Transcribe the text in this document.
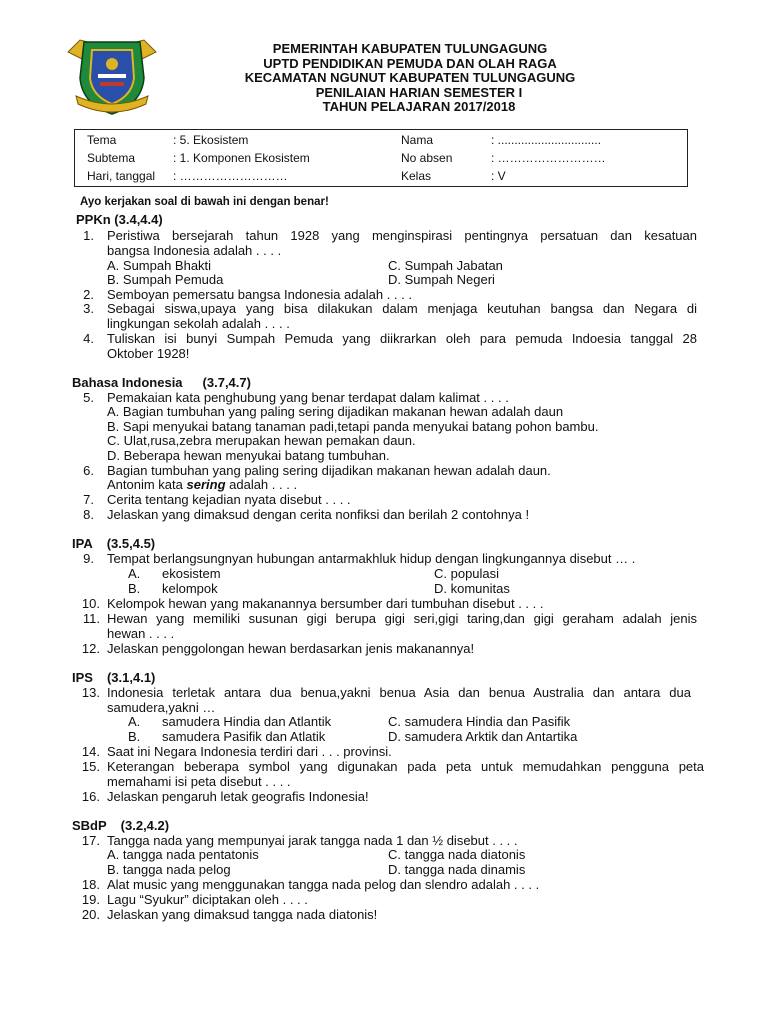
PEMERINTAH KABUPATEN TULUNGAGUNG
UPTD PENDIDIKAN PEMUDA DAN OLAH RAGA
KECAMATAN NGUNUT KABUPATEN TULUNGAGUNG
PENILAIAN HARIAN SEMESTER I
TAHUN PELAJARAN 2017/2018
Tema	: 5. Ekosistem	Nama	: ...............................
Subtema	: 1. Komponen Ekosistem	No absen	: ………………………
Hari, tanggal : ………………………	Kelas	: V
Ayo kerjakan soal di bawah ini dengan benar!
PPKn (3.4,4.4)
1. Peristiwa bersejarah tahun 1928 yang menginspirasi pentingnya persatuan dan kesatuan
bangsa Indonesia adalah . . . .
A. Sumpah Bhakti	C. Sumpah Jabatan
B. Sumpah Pemuda	D. Sumpah Negeri
2. Semboyan pemersatu bangsa Indonesia adalah . . . .
3. Sebagai siswa,upaya yang bisa dilakukan dalam menjaga keutuhan bangsa dan Negara di
lingkungan sekolah adalah . . . .
4. Tuliskan isi bunyi Sumpah Pemuda yang diikrarkan oleh para pemuda Indoesia tanggal 28
Oktober 1928!
Bahasa Indonesia (3.7,4.7)
5. Pemakaian kata penghubung yang benar terdapat dalam kalimat . . . .
A. Bagian tumbuhan yang paling sering dijadikan makanan hewan adalah daun
B. Sapi menyukai batang tanaman padi,tetapi panda menyukai batang pohon bambu.
C. Ulat,rusa,zebra merupakan hewan pemakan daun.
D. Beberapa hewan menyukai batang tumbuhan.
6. Bagian tumbuhan yang paling sering dijadikan makanan hewan adalah daun.
Antonim kata sering adalah . . . .
7. Cerita tentang kejadian nyata disebut . . . .
8. Jelaskan yang dimaksud dengan cerita nonfiksi dan berilah 2 contohnya !
IPA (3.5,4.5)
9. Tempat berlangsungnyan hubungan antarmakhluk hidup dengan lingkungannya disebut … .
A. ekosistem	C. populasi
B. kelompok	D. komunitas
10. Kelompok hewan yang makanannya bersumber dari tumbuhan disebut . . . .
11. Hewan yang memiliki susunan gigi berupa gigi seri,gigi taring,dan gigi geraham adalah jenis
hewan . . . .
12. Jelaskan penggolongan hewan berdasarkan jenis makanannya!
IPS (3.1,4.1)
13. Indonesia terletak antara dua benua,yakni benua Asia dan benua Australia dan antara dua
samudera,yakni …
A. samudera Hindia dan Atlantik	C. samudera Hindia dan Pasifik
B. samudera Pasifik dan Atlatik	D. samudera Arktik dan Antartika
14. Saat ini Negara Indonesia terdiri dari . . . provinsi.
15. Keterangan beberapa symbol yang digunakan pada peta untuk memudahkan pengguna peta
memahami isi peta disebut . . . .
16. Jelaskan pengaruh letak geografis Indonesia!
SBdP (3.2,4.2)
17. Tangga nada yang mempunyai jarak tangga nada 1 dan ½ disebut . . . .
A. tangga nada pentatonis	C. tangga nada diatonis
B. tangga nada pelog	D. tangga nada dinamis
18. Alat music yang menggunakan tangga nada pelog dan slendro adalah . . . .
19. Lagu “Syukur” diciptakan oleh . . . .
20. Jelaskan yang dimaksud tangga nada diatonis!
